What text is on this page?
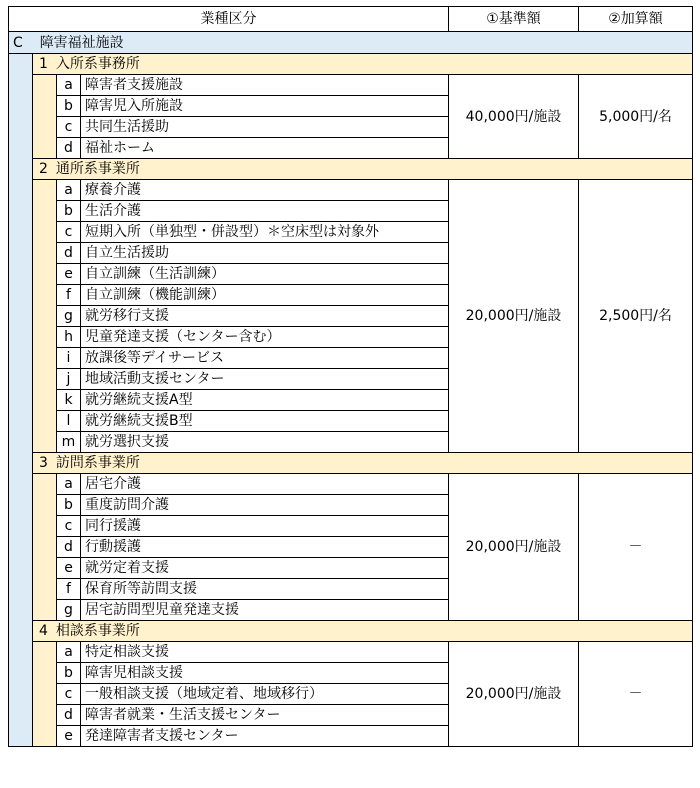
業種区分				①基準額	②加算額
C 障害福祉施設					
	1 入所系事務所				
		a	障害者支援施設	40,000円/施設	5,000円/名
		b	障害児入所施設		
		c	共同生活援助		
		d	福祉ホーム		
	2 通所系事業所				
		a	療養介護	20,000円/施設	2,500円/名
		b	生活介護		
		c	短期入所（単独型・併設型）＊空床型は対象外		
		d	自立生活援助		
		e	自立訓練（生活訓練）		
		f	自立訓練（機能訓練）		
		g	就労移行支援		
		h	児童発達支援（センター含む）		
		i	放課後等デイサービス		
		j	地域活動支援センター		
		k	就労継続支援A型		
		l	就労継続支援B型		
		m	就労選択支援		
	3 訪問系事業所				
		a	居宅介護	20,000円/施設	－
		b	重度訪問介護		
		c	同行援護		
		d	行動援護		
		e	就労定着支援		
		f	保育所等訪問支援		
		g	居宅訪問型児童発達支援		
	4 相談系事業所				
		a	特定相談支援	20,000円/施設	－
		b	障害児相談支援		
		c	一般相談支援（地域定着、地域移行）		
		d	障害者就業・生活支援センター		
		e	発達障害者支援センター		
